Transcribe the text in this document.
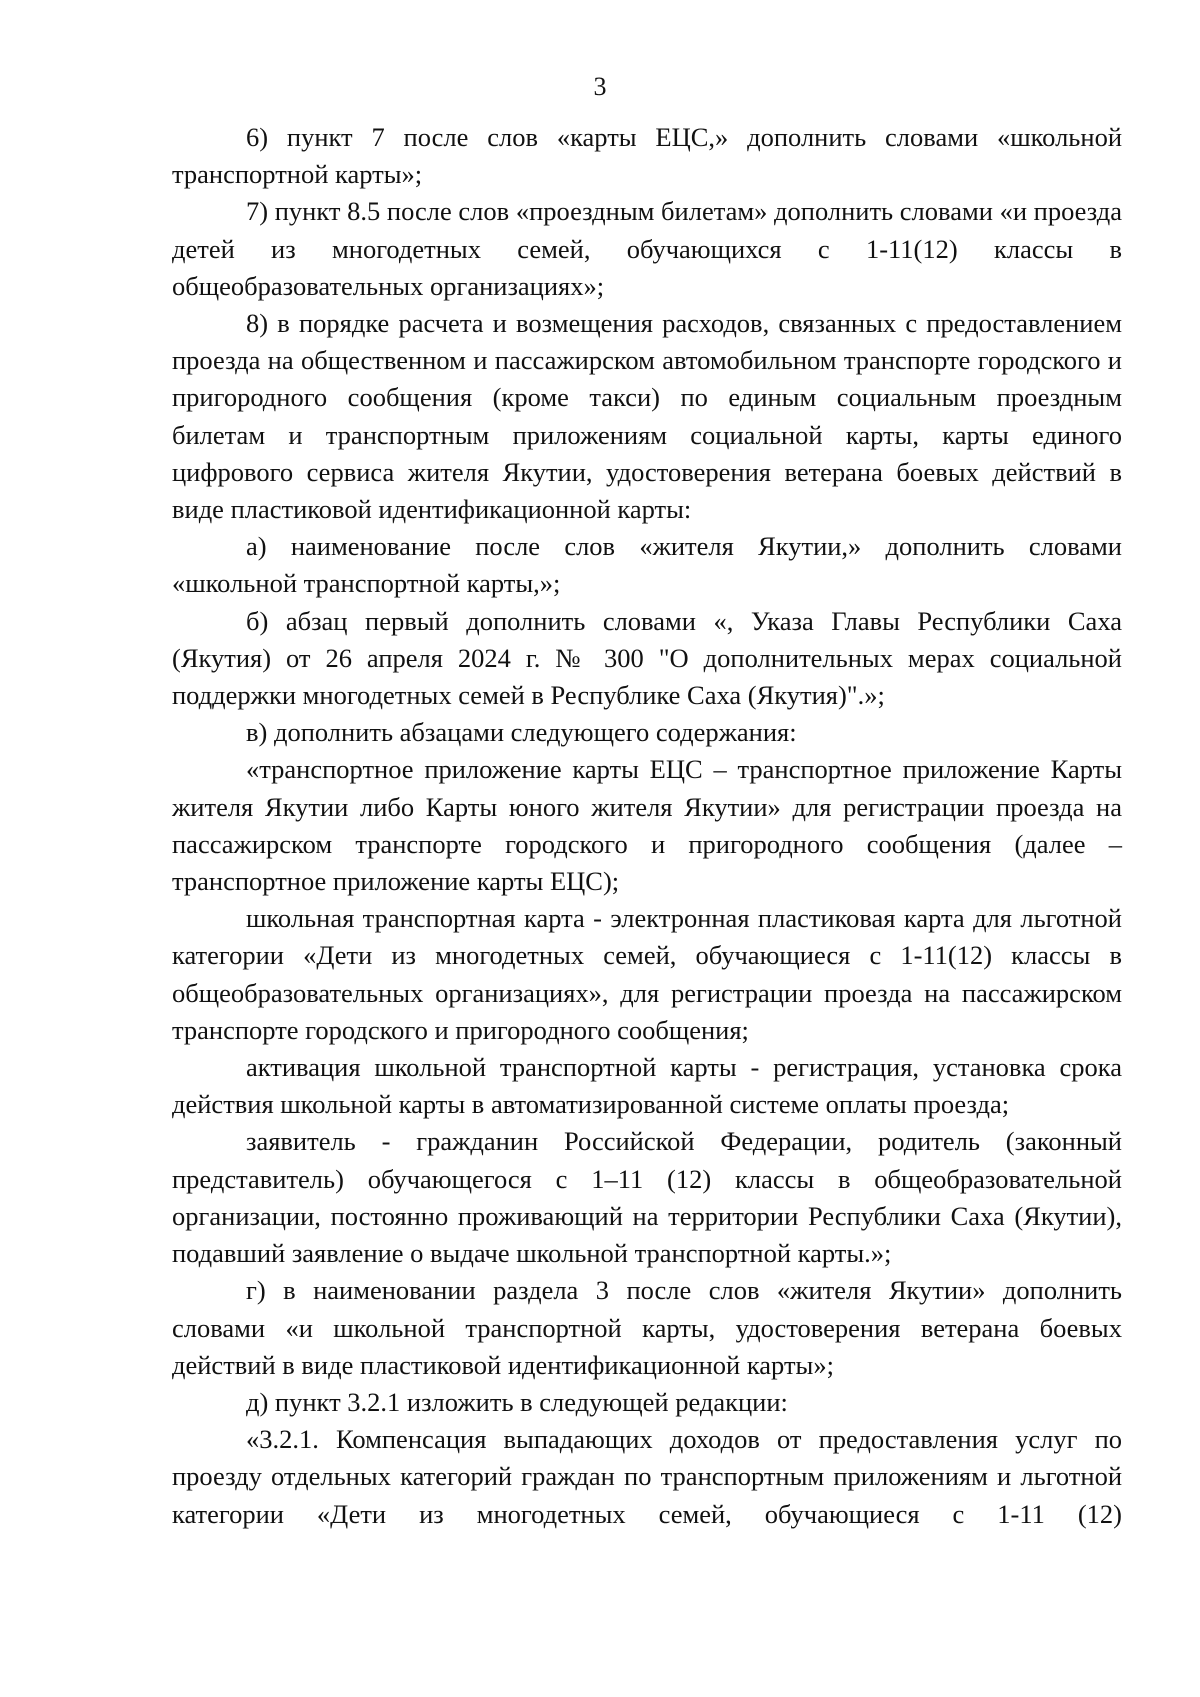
3

6) пункт 7 после слов «карты ЕЦС,» дополнить словами «школьной транспортной карты»;

7) пункт 8.5 после слов «проездным билетам» дополнить словами «и проезда детей из многодетных семей, обучающихся с 1-11(12) классы в общеобразовательных организациях»;

8) в порядке расчета и возмещения расходов, связанных с предоставлением проезда на общественном и пассажирском автомобильном транспорте городского и пригородного сообщения (кроме такси) по единым социальным проездным билетам и транспортным приложениям социальной карты, карты единого цифрового сервиса жителя Якутии, удостоверения ветерана боевых действий в виде пластиковой идентификационной карты:

а) наименование после слов «жителя Якутии,» дополнить словами «школьной транспортной карты,»;

б) абзац первый дополнить словами «, Указа Главы Республики Саха (Якутия) от 26 апреля 2024 г. № 300 "О дополнительных мерах социальной поддержки многодетных семей в Республике Саха (Якутия)".»;

в) дополнить абзацами следующего содержания:

«транспортное приложение карты ЕЦС – транспортное приложение Карты жителя Якутии либо Карты юного жителя Якутии» для регистрации проезда на пассажирском транспорте городского и пригородного сообщения (далее – транспортное приложение карты ЕЦС);

школьная транспортная карта - электронная пластиковая карта для льготной категории «Дети из многодетных семей, обучающиеся с 1-11(12) классы в общеобразовательных организациях», для регистрации проезда на пассажирском транспорте городского и пригородного сообщения;

активация школьной транспортной карты - регистрация, установка срока действия школьной карты в автоматизированной системе оплаты проезда;

заявитель - гражданин Российской Федерации, родитель (законный представитель) обучающегося с 1–11 (12) классы в общеобразовательной организации, постоянно проживающий на территории Республики Саха (Якутии), подавший заявление о выдаче школьной транспортной карты.»;

г) в наименовании раздела 3 после слов «жителя Якутии» дополнить словами «и школьной транспортной карты, удостоверения ветерана боевых действий в виде пластиковой идентификационной карты»;

д) пункт 3.2.1 изложить в следующей редакции:

«3.2.1. Компенсация выпадающих доходов от предоставления услуг по проезду отдельных категорий граждан по транспортным приложениям и льготной категории «Дети из многодетных семей, обучающиеся с 1-11 (12)
